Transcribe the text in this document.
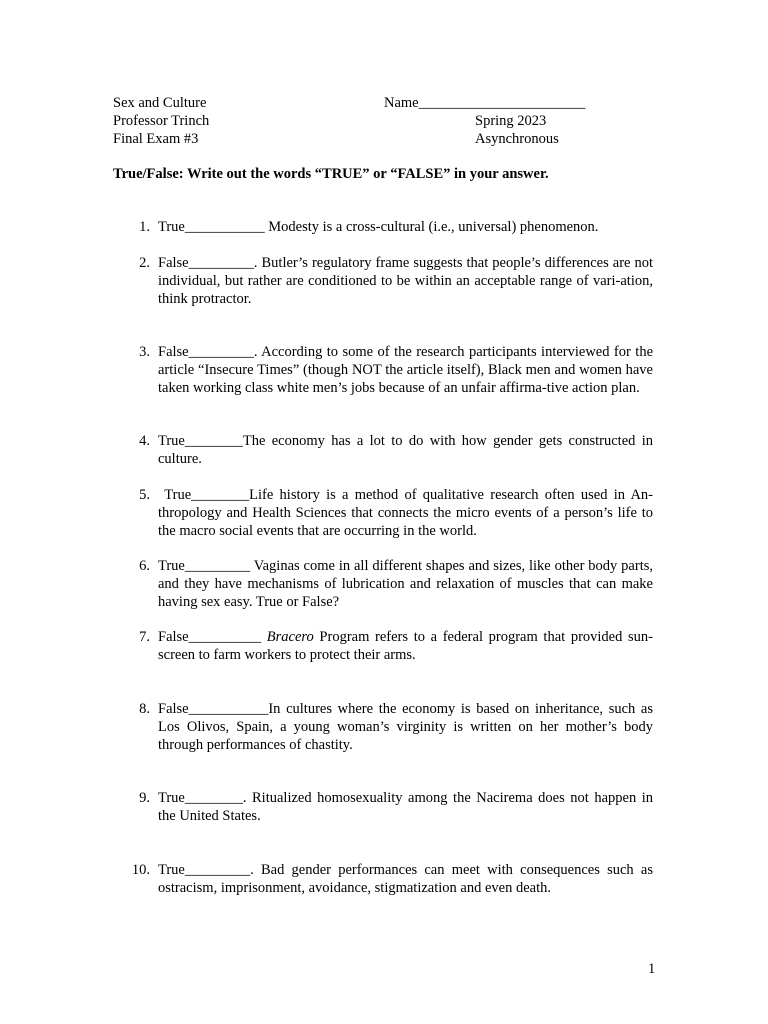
Sex and Culture
Professor Trinch
Final Exam #3
Name_______________________
Spring 2023
Asynchronous
True/False: Write out the words “TRUE” or “FALSE” in your answer.
1. True___________ Modesty is a cross-cultural (i.e., universal) phenomenon.
2. False_________. Butler’s regulatory frame suggests that people’s differences are not individual, but rather are conditioned to be within an acceptable range of vari-ation, think protractor.
3. False_________. According to some of the research participants interviewed for the article “Insecure Times” (though NOT the article itself), Black men and women have taken working class white men’s jobs because of an unfair affirma-tive action plan.
4. True________The economy has a lot to do with how gender gets constructed in culture.
5. True________Life history is a method of qualitative research often used in An-thropology and Health Sciences that connects the micro events of a person’s life to the macro social events that are occurring in the world.
6. True_________ Vaginas come in all different shapes and sizes, like other body parts, and they have mechanisms of lubrication and relaxation of muscles that can make having sex easy. True or False?
7. False__________ Bracero Program refers to a federal program that provided sun-screen to farm workers to protect their arms.
8. False___________In cultures where the economy is based on inheritance, such as Los Olivos, Spain, a young woman’s virginity is written on her mother’s body through performances of chastity.
9. True________. Ritualized homosexuality among the Nacirema does not happen in the United States.
10. True_________. Bad gender performances can meet with consequences such as ostracism, imprisonment, avoidance, stigmatization and even death.
1
